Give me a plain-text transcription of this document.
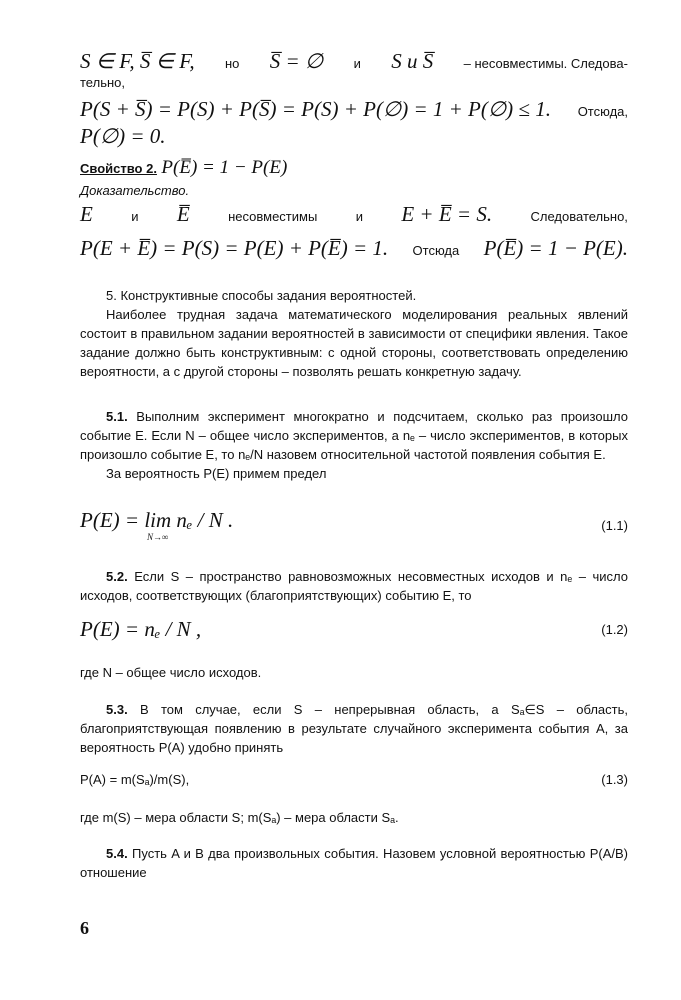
S ∈ F, S̅ ∈ F, но S̅ = ∅ и S и S̅ – несовместимы. Следова-
тельно,
P(S + S̅) = P(S) + P(S̅) = P(S) + P(∅) = 1 + P(∅) ≤ 1. Отсюда,
P(∅) = 0.
Свойство 2. P(E̅) = 1 − P(E)
Доказательство.
E	и E̅	несовместимы	и E + E̅ = S.	Следовательно,
P(E + E̅) = P(S) = P(E) + P(E̅) = 1. Отсюда P(E̅) = 1 − P(E).
5. Конструктивные способы задания вероятностей.
Наиболее трудная задача математического моделирования реальных явлений состоит в правильном задании вероятностей в зависимости от специфики явления. Такое задание должно быть конструктивным: с одной стороны, соответствовать определению вероятности, а с другой стороны – позволять решать конкретную задачу.
5.1. Выполним эксперимент многократно и подсчитаем, сколько раз произошло событие E. Если N – общее число экспериментов, а nₑ – число экспериментов, в которых произошло событие E, то nₑ/N назовем относительной частотой появления события E.
За вероятность P(E) примем предел
P(E) = lim
N→∞
nₑ / N .	(1.1)
5.2. Если S – пространство равновозможных несовместных исходов и nₑ – число исходов, соответствующих (благоприятствующих) событию E, то
P(E) = nₑ / N ,	(1.2)
где N – общее число исходов.
5.3. В том случае, если S – непрерывная область, а Sₐ∈S – область, благоприятствующая появлению в результате случайного эксперимента события A, за вероятность P(A) удобно принять
P(A) = m(Sₐ)/m(S),	(1.3)
где m(S) – мера области S; m(Sₐ) – мера области Sₐ.
5.4. Пусть A и B два произвольных события. Назовем условной вероятностью P(A/B) отношение
6
